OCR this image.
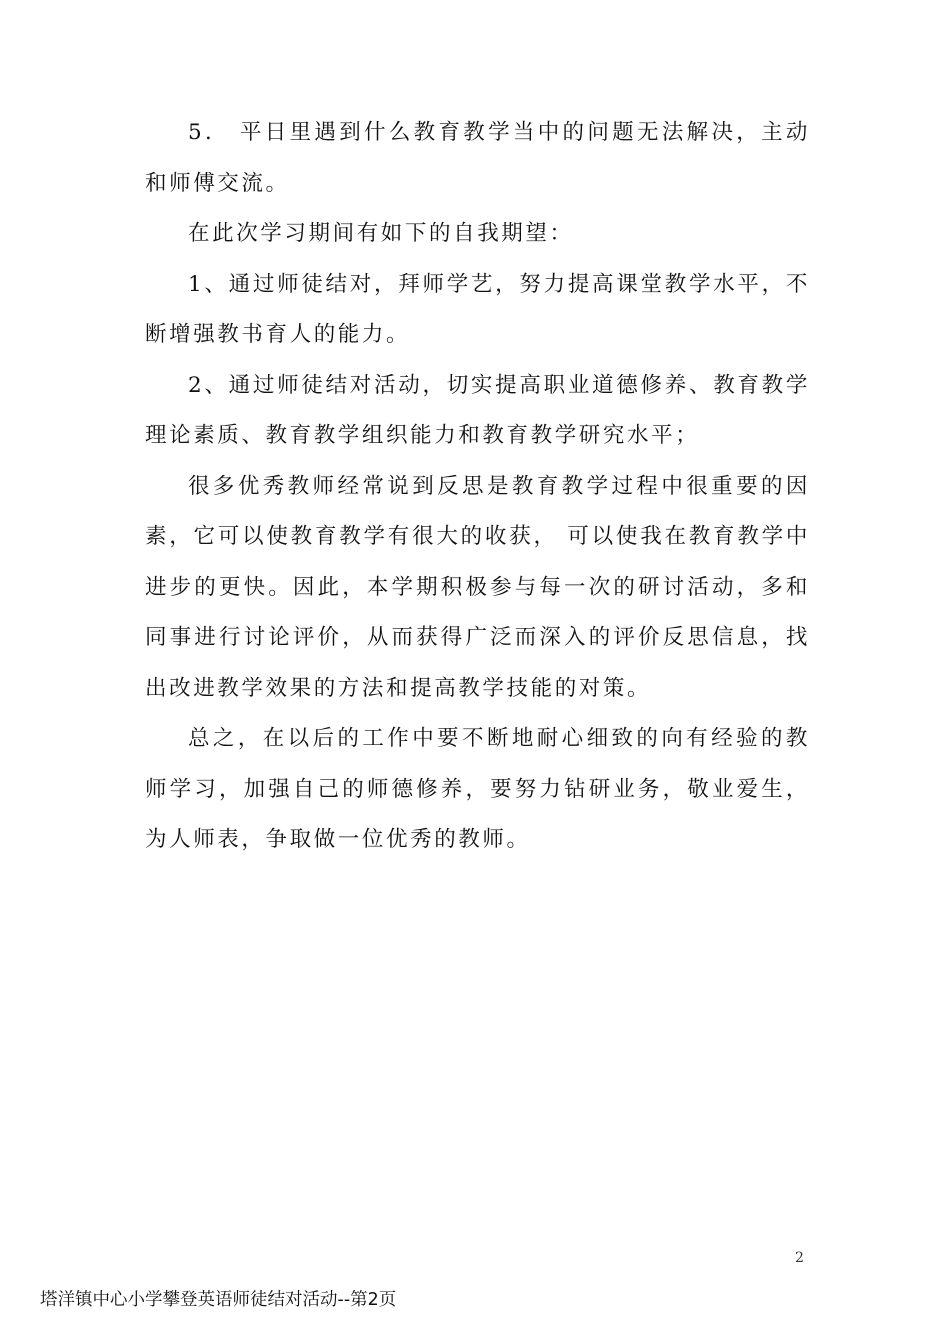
5． 平日里遇到什么教育教学当中的问题无法解决，主动和师傅交流。

在此次学习期间有如下的自我期望：

1、通过师徒结对，拜师学艺，努力提高课堂教学水平，不断增强教书育人的能力。

2、通过师徒结对活动，切实提高职业道德修养、教育教学理论素质、教育教学组织能力和教育教学研究水平；

很多优秀教师经常说到反思是教育教学过程中很重要的因素，它可以使教育教学有很大的收获， 可以使我在教育教学中进步的更快。因此，本学期积极参与每一次的研讨活动，多和同事进行讨论评价，从而获得广泛而深入的评价反思信息，找出改进教学效果的方法和提高教学技能的对策。

总之，在以后的工作中要不断地耐心细致的向有经验的教师学习，加强自己的师德修养，要努力钻研业务，敬业爱生，为人师表，争取做一位优秀的教师。

2
塔洋镇中心小学攀登英语师徒结对活动--第2页
